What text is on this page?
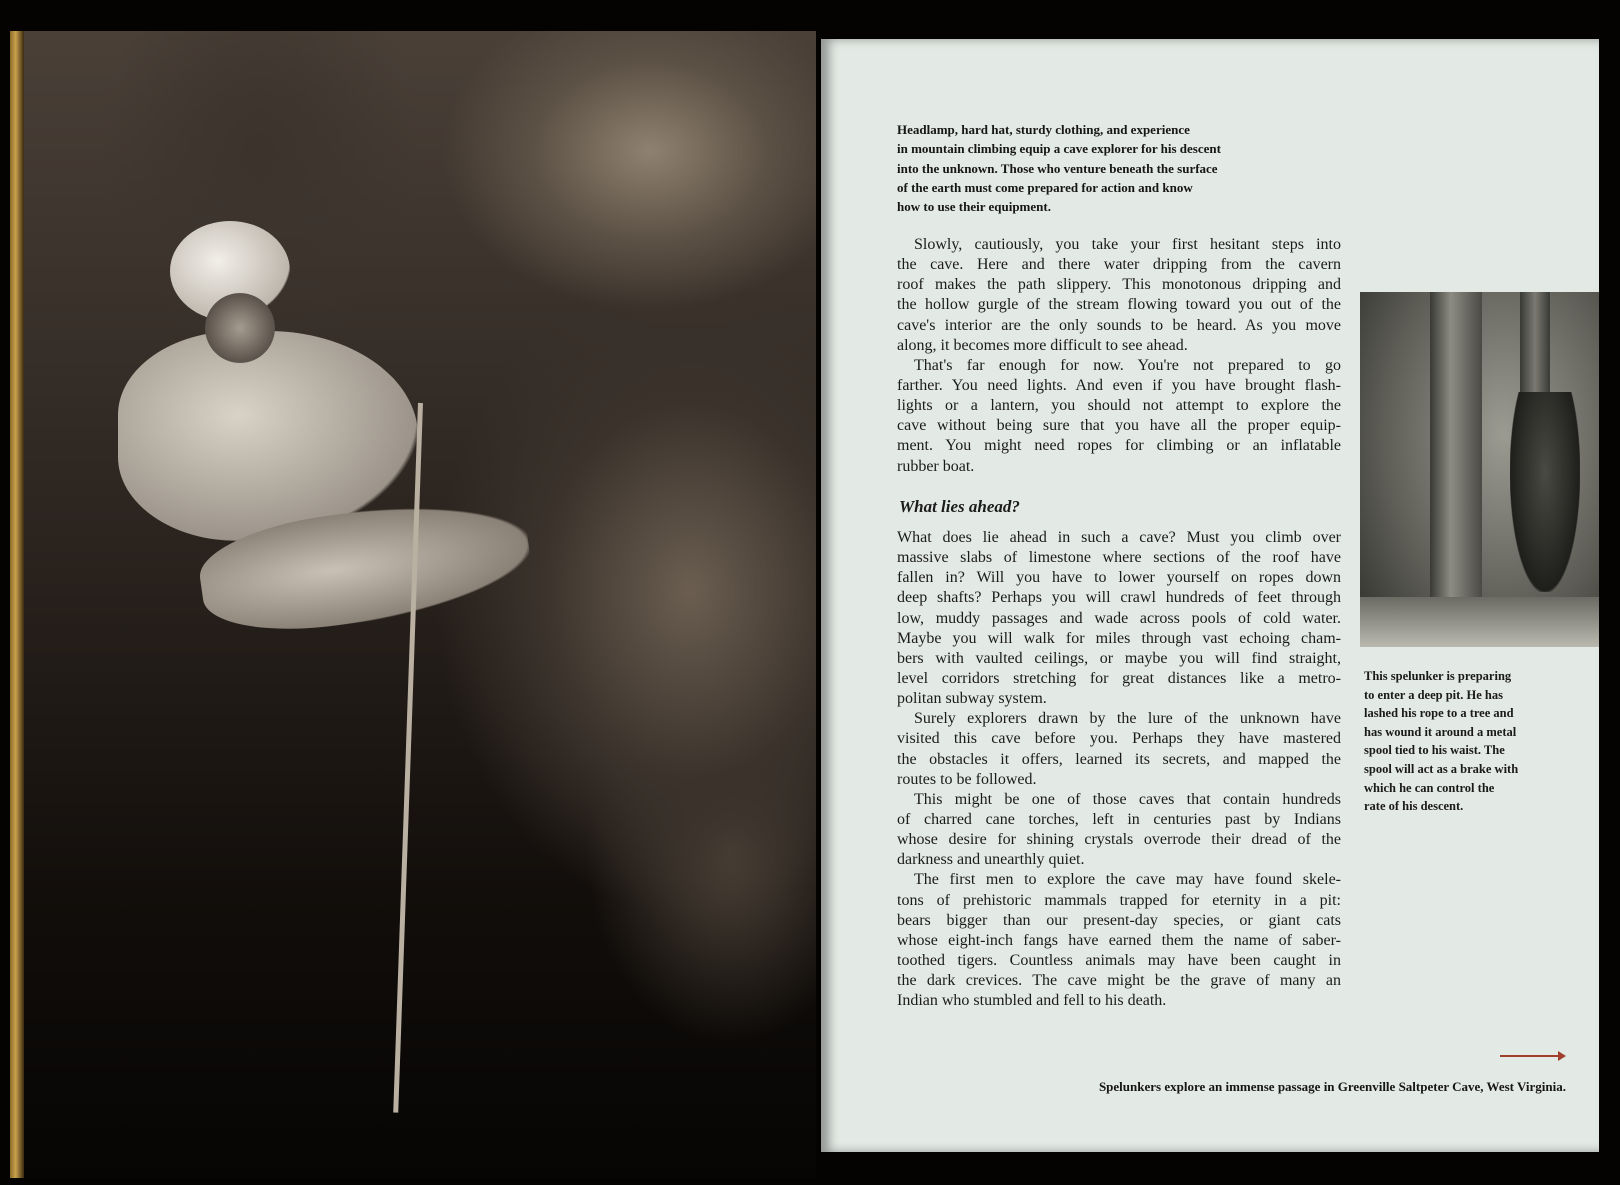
Headlamp, hard hat, sturdy clothing, and experience
in mountain climbing equip a cave explorer for his descent
into the unknown. Those who venture beneath the surface
of the earth must come prepared for action and know
how to use their equipment.
Slowly, cautiously, you take your first hesitant steps into
the cave. Here and there water dripping from the cavern
roof makes the path slippery. This monotonous dripping and
the hollow gurgle of the stream flowing toward you out of the
cave's interior are the only sounds to be heard. As you move
along, it becomes more difficult to see ahead.
That's far enough for now. You're not prepared to go
farther. You need lights. And even if you have brought flash-
lights or a lantern, you should not attempt to explore the
cave without being sure that you have all the proper equip-
ment. You might need ropes for climbing or an inflatable
rubber boat.
What lies ahead?
What does lie ahead in such a cave? Must you climb over
massive slabs of limestone where sections of the roof have
fallen in? Will you have to lower yourself on ropes down
deep shafts? Perhaps you will crawl hundreds of feet through
low, muddy passages and wade across pools of cold water.
Maybe you will walk for miles through vast echoing cham-
bers with vaulted ceilings, or maybe you will find straight,
level corridors stretching for great distances like a metro-
politan subway system.
Surely explorers drawn by the lure of the unknown have
visited this cave before you. Perhaps they have mastered
the obstacles it offers, learned its secrets, and mapped the
routes to be followed.
This might be one of those caves that contain hundreds
of charred cane torches, left in centuries past by Indians
whose desire for shining crystals overrode their dread of the
darkness and unearthly quiet.
The first men to explore the cave may have found skele-
tons of prehistoric mammals trapped for eternity in a pit:
bears bigger than our present-day species, or giant cats
whose eight-inch fangs have earned them the name of saber-
toothed tigers. Countless animals may have been caught in
the dark crevices. The cave might be the grave of many an
Indian who stumbled and fell to his death.
This spelunker is preparing
to enter a deep pit. He has
lashed his rope to a tree and
has wound it around a metal
spool tied to his waist. The
spool will act as a brake with
which he can control the
rate of his descent.
Spelunkers explore an immense passage in Greenville Saltpeter Cave, West Virginia.
